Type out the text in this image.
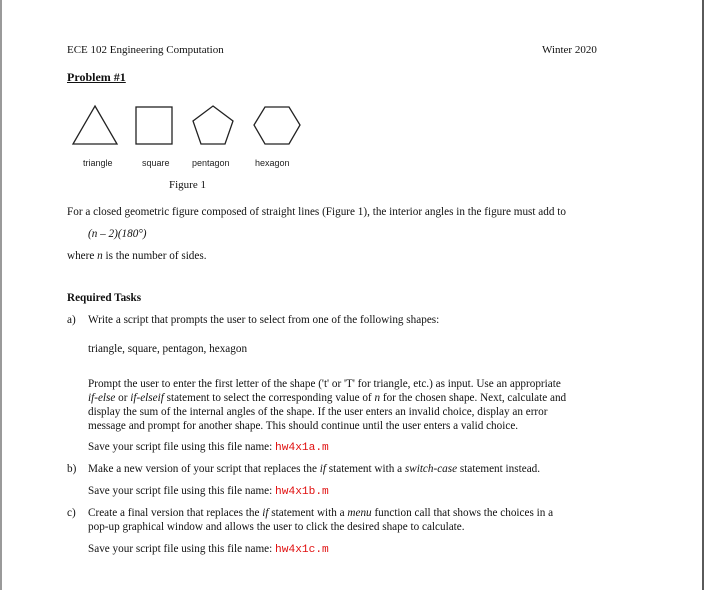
ECE 102 Engineering Computation	Winter 2020
Problem #1
triangle	square pentagon	hexagon
Figure 1
For a closed geometric figure composed of straight lines (Figure 1), the interior angles in the figure must add to
(n – 2)(180°)
where n is the number of sides.
Required Tasks
a) Write a script that prompts the user to select from one of the following shapes:
triangle, square, pentagon, hexagon
Prompt the user to enter the first letter of the shape ('t' or 'T' for triangle, etc.) as input. Use an appropriate
if-else or if-elseif statement to select the corresponding value of n for the chosen shape. Next, calculate and
display the sum of the internal angles of the shape. If the user enters an invalid choice, display an error
message and prompt for another shape. This should continue until the user enters a valid choice.
Save your script file using this file name: hw4x1a.m
b) Make a new version of your script that replaces the if statement with a switch-case statement instead.
Save your script file using this file name: hw4x1b.m
c) Create a final version that replaces the if statement with a menu function call that shows the choices in a
pop-up graphical window and allows the user to click the desired shape to calculate.
Save your script file using this file name: hw4x1c.m
